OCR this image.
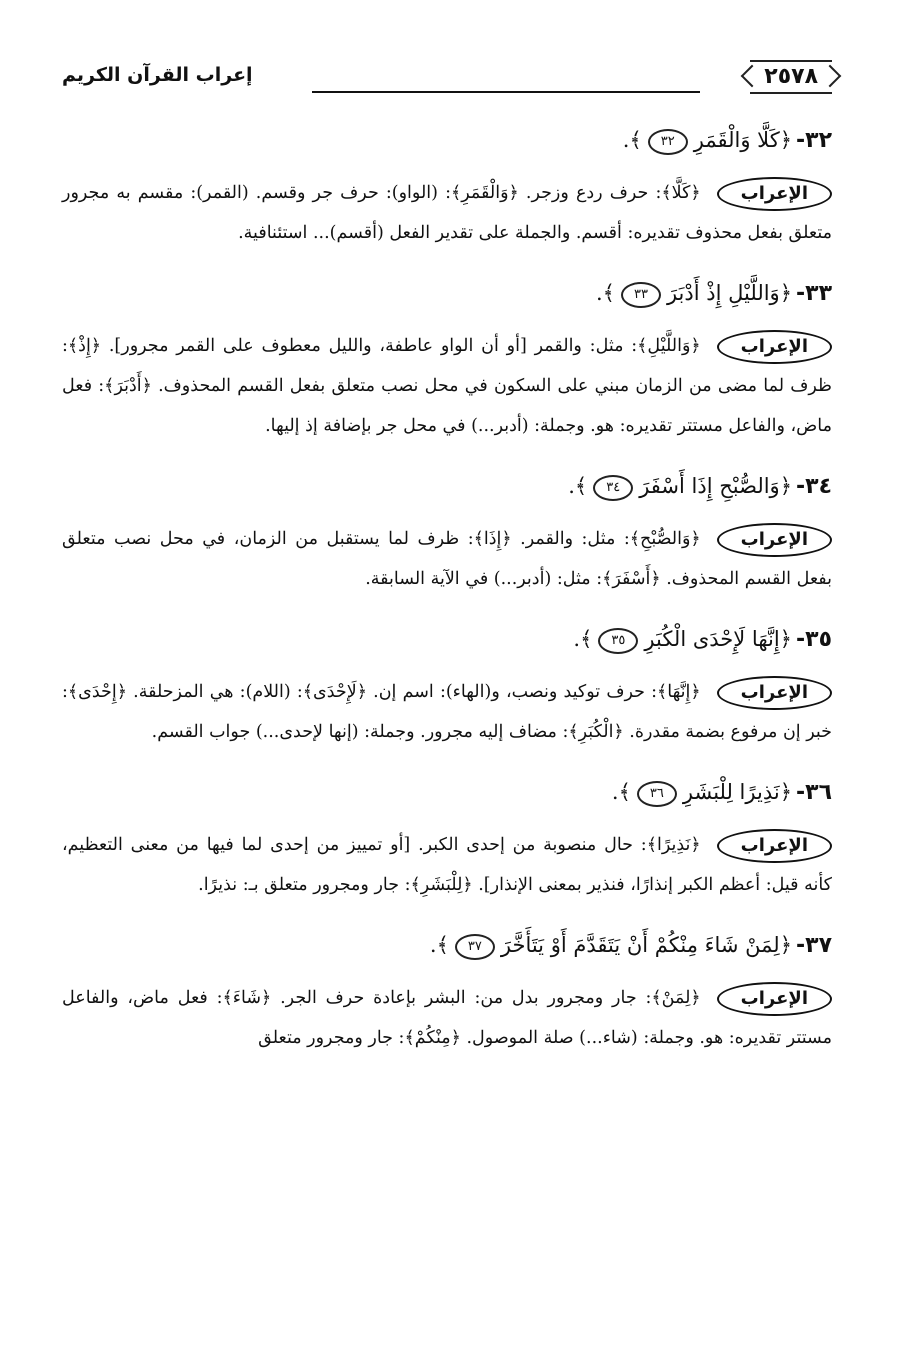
٢٥٧٨
إعراب القرآن الكريم
٣٢-﴿كَلَّا وَالْقَمَرِ٣٢﴾.
الإعراب﴿كَلَّا﴾: حرف ردع وزجر. ﴿وَالْقَمَرِ﴾: (الواو): حرف جر وقسم. (القمر): مقسم به مجرور متعلق بفعل محذوف تقديره: أقسم. والجملة على تقدير الفعل (أقسم)... استئنافية.
٣٣-﴿وَاللَّيْلِ إِذْ أَدْبَرَ٣٣﴾.
الإعراب﴿وَاللَّيْلِ﴾: مثل: والقمر [أو أن الواو عاطفة، والليل معطوف على القمر مجرور]. ﴿إِذْ﴾: ظرف لما مضى من الزمان مبني على السكون في محل نصب متعلق بفعل القسم المحذوف. ﴿أَدْبَرَ﴾: فعل ماض، والفاعل مستتر تقديره: هو. وجملة: (أدبر...) في محل جر بإضافة إذ إليها.
٣٤-﴿وَالصُّبْحِ إِذَا أَسْفَرَ٣٤﴾.
الإعراب﴿وَالصُّبْحِ﴾: مثل: والقمر. ﴿إِذَا﴾: ظرف لما يستقبل من الزمان، في محل نصب متعلق بفعل القسم المحذوف. ﴿أَسْفَرَ﴾: مثل: (أدبر...) في الآية السابقة.
٣٥-﴿إِنَّهَا لَإِحْدَى الْكُبَرِ٣٥﴾.
الإعراب﴿إِنَّهَا﴾: حرف توكيد ونصب، و(الهاء): اسم إن. ﴿لَإِحْدَى﴾: (اللام): هي المزحلقة. ﴿إِحْدَى﴾: خبر إن مرفوع بضمة مقدرة. ﴿الْكُبَرِ﴾: مضاف إليه مجرور. وجملة: (إنها لإحدى...) جواب القسم.
٣٦-﴿نَذِيرًا لِلْبَشَرِ٣٦﴾.
الإعراب﴿نَذِيرًا﴾: حال منصوبة من إحدى الكبر. [أو تمييز من إحدى لما فيها من معنى التعظيم، كأنه قيل: أعظم الكبر إنذارًا، فنذير بمعنى الإنذار]. ﴿لِلْبَشَرِ﴾: جار ومجرور متعلق بـ: نذيرًا.
٣٧-﴿لِمَنْ شَاءَ مِنْكُمْ أَنْ يَتَقَدَّمَ أَوْ يَتَأَخَّرَ٣٧﴾.
الإعراب﴿لِمَنْ﴾: جار ومجرور بدل من: البشر بإعادة حرف الجر. ﴿شَاءَ﴾: فعل ماض، والفاعل مستتر تقديره: هو. وجملة: (شاء...) صلة الموصول. ﴿مِنْكُمْ﴾: جار ومجرور متعلق
